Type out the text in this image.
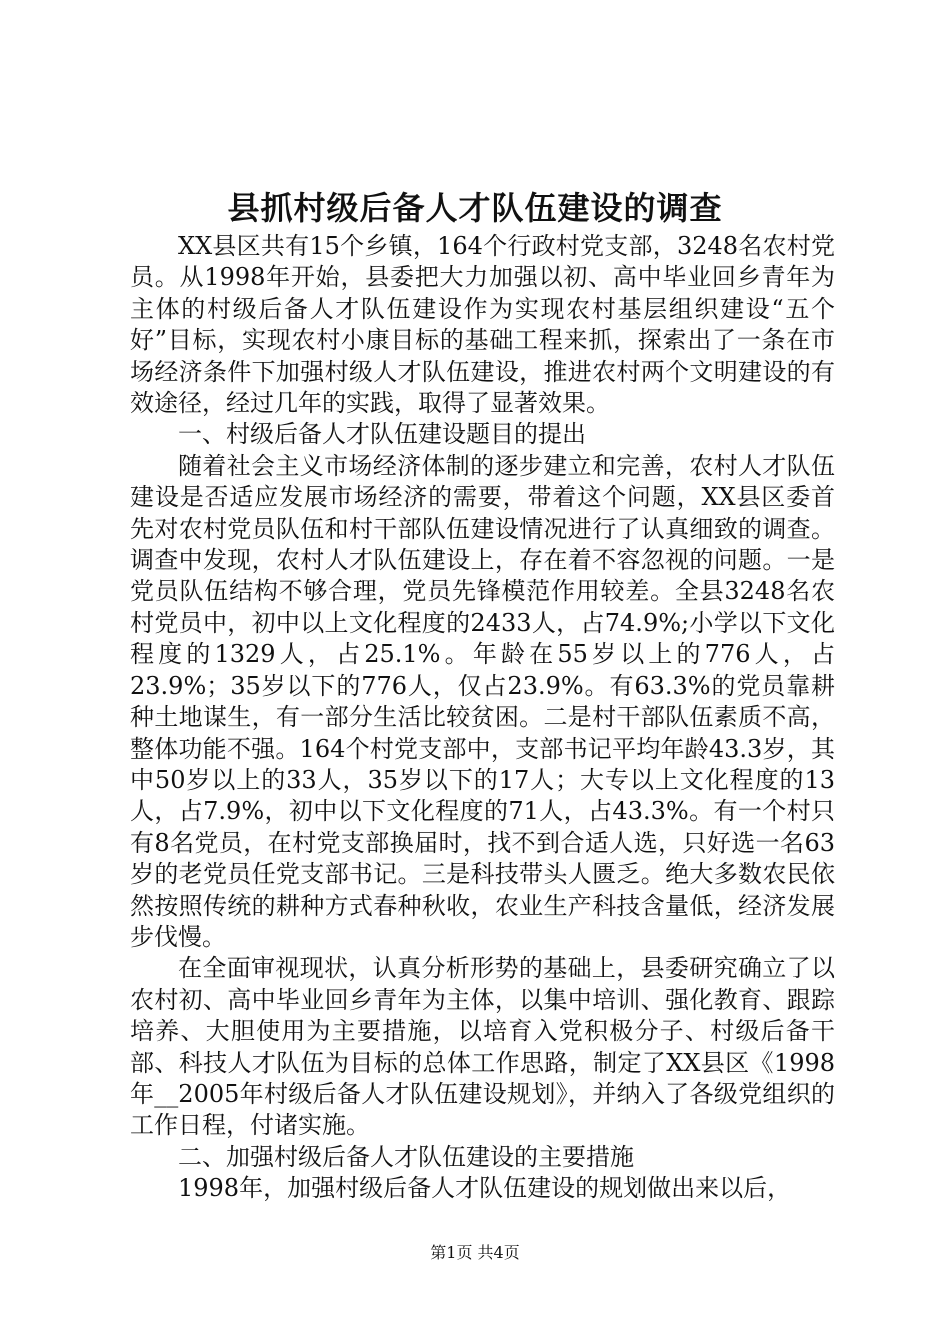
县抓村级后备人才队伍建设的调查

XX县区共有15个乡镇，164个行政村党支部，3248名农村党员。从1998年开始，县委把大力加强以初、高中毕业回乡青年为主体的村级后备人才队伍建设作为实现农村基层组织建设“五个好”目标，实现农村小康目标的基础工程来抓，探索出了一条在市场经济条件下加强村级人才队伍建设，推进农村两个文明建设的有效途径，经过几年的实践，取得了显著效果。

一、村级后备人才队伍建设题目的提出

随着社会主义市场经济体制的逐步建立和完善，农村人才队伍建设是否适应发展市场经济的需要，带着这个问题，XX县区委首先对农村党员队伍和村干部队伍建设情况进行了认真细致的调查。调查中发现，农村人才队伍建设上，存在着不容忽视的问题。一是党员队伍结构不够合理，党员先锋模范作用较差。全县3248名农村党员中，初中以上文化程度的2433人，占74.9%;小学以下文化程度的1329人，占25.1%。年龄在55岁以上的776人，占23.9%；35岁以下的776人，仅占23.9%。有63.3%的党员靠耕种土地谋生，有一部分生活比较贫困。二是村干部队伍素质不高，整体功能不强。164个村党支部中，支部书记平均年龄43.3岁，其中50岁以上的33人，35岁以下的17人；大专以上文化程度的13人，占7.9%，初中以下文化程度的71人，占43.3%。有一个村只有8名党员，在村党支部换届时，找不到合适人选，只好选一名63岁的老党员任党支部书记。三是科技带头人匮乏。绝大多数农民依然按照传统的耕种方式春种秋收，农业生产科技含量低，经济发展步伐慢。

在全面审视现状，认真分析形势的基础上，县委研究确立了以农村初、高中毕业回乡青年为主体，以集中培训、强化教育、跟踪培养、大胆使用为主要措施，以培育入党积极分子、村级后备干部、科技人才队伍为目标的总体工作思路，制定了XX县区《1998年__2005年村级后备人才队伍建设规划》，并纳入了各级党组织的工作日程，付诸实施。

二、加强村级后备人才队伍建设的主要措施

1998年，加强村级后备人才队伍建设的规划做出来以后，

第1页 共4页
